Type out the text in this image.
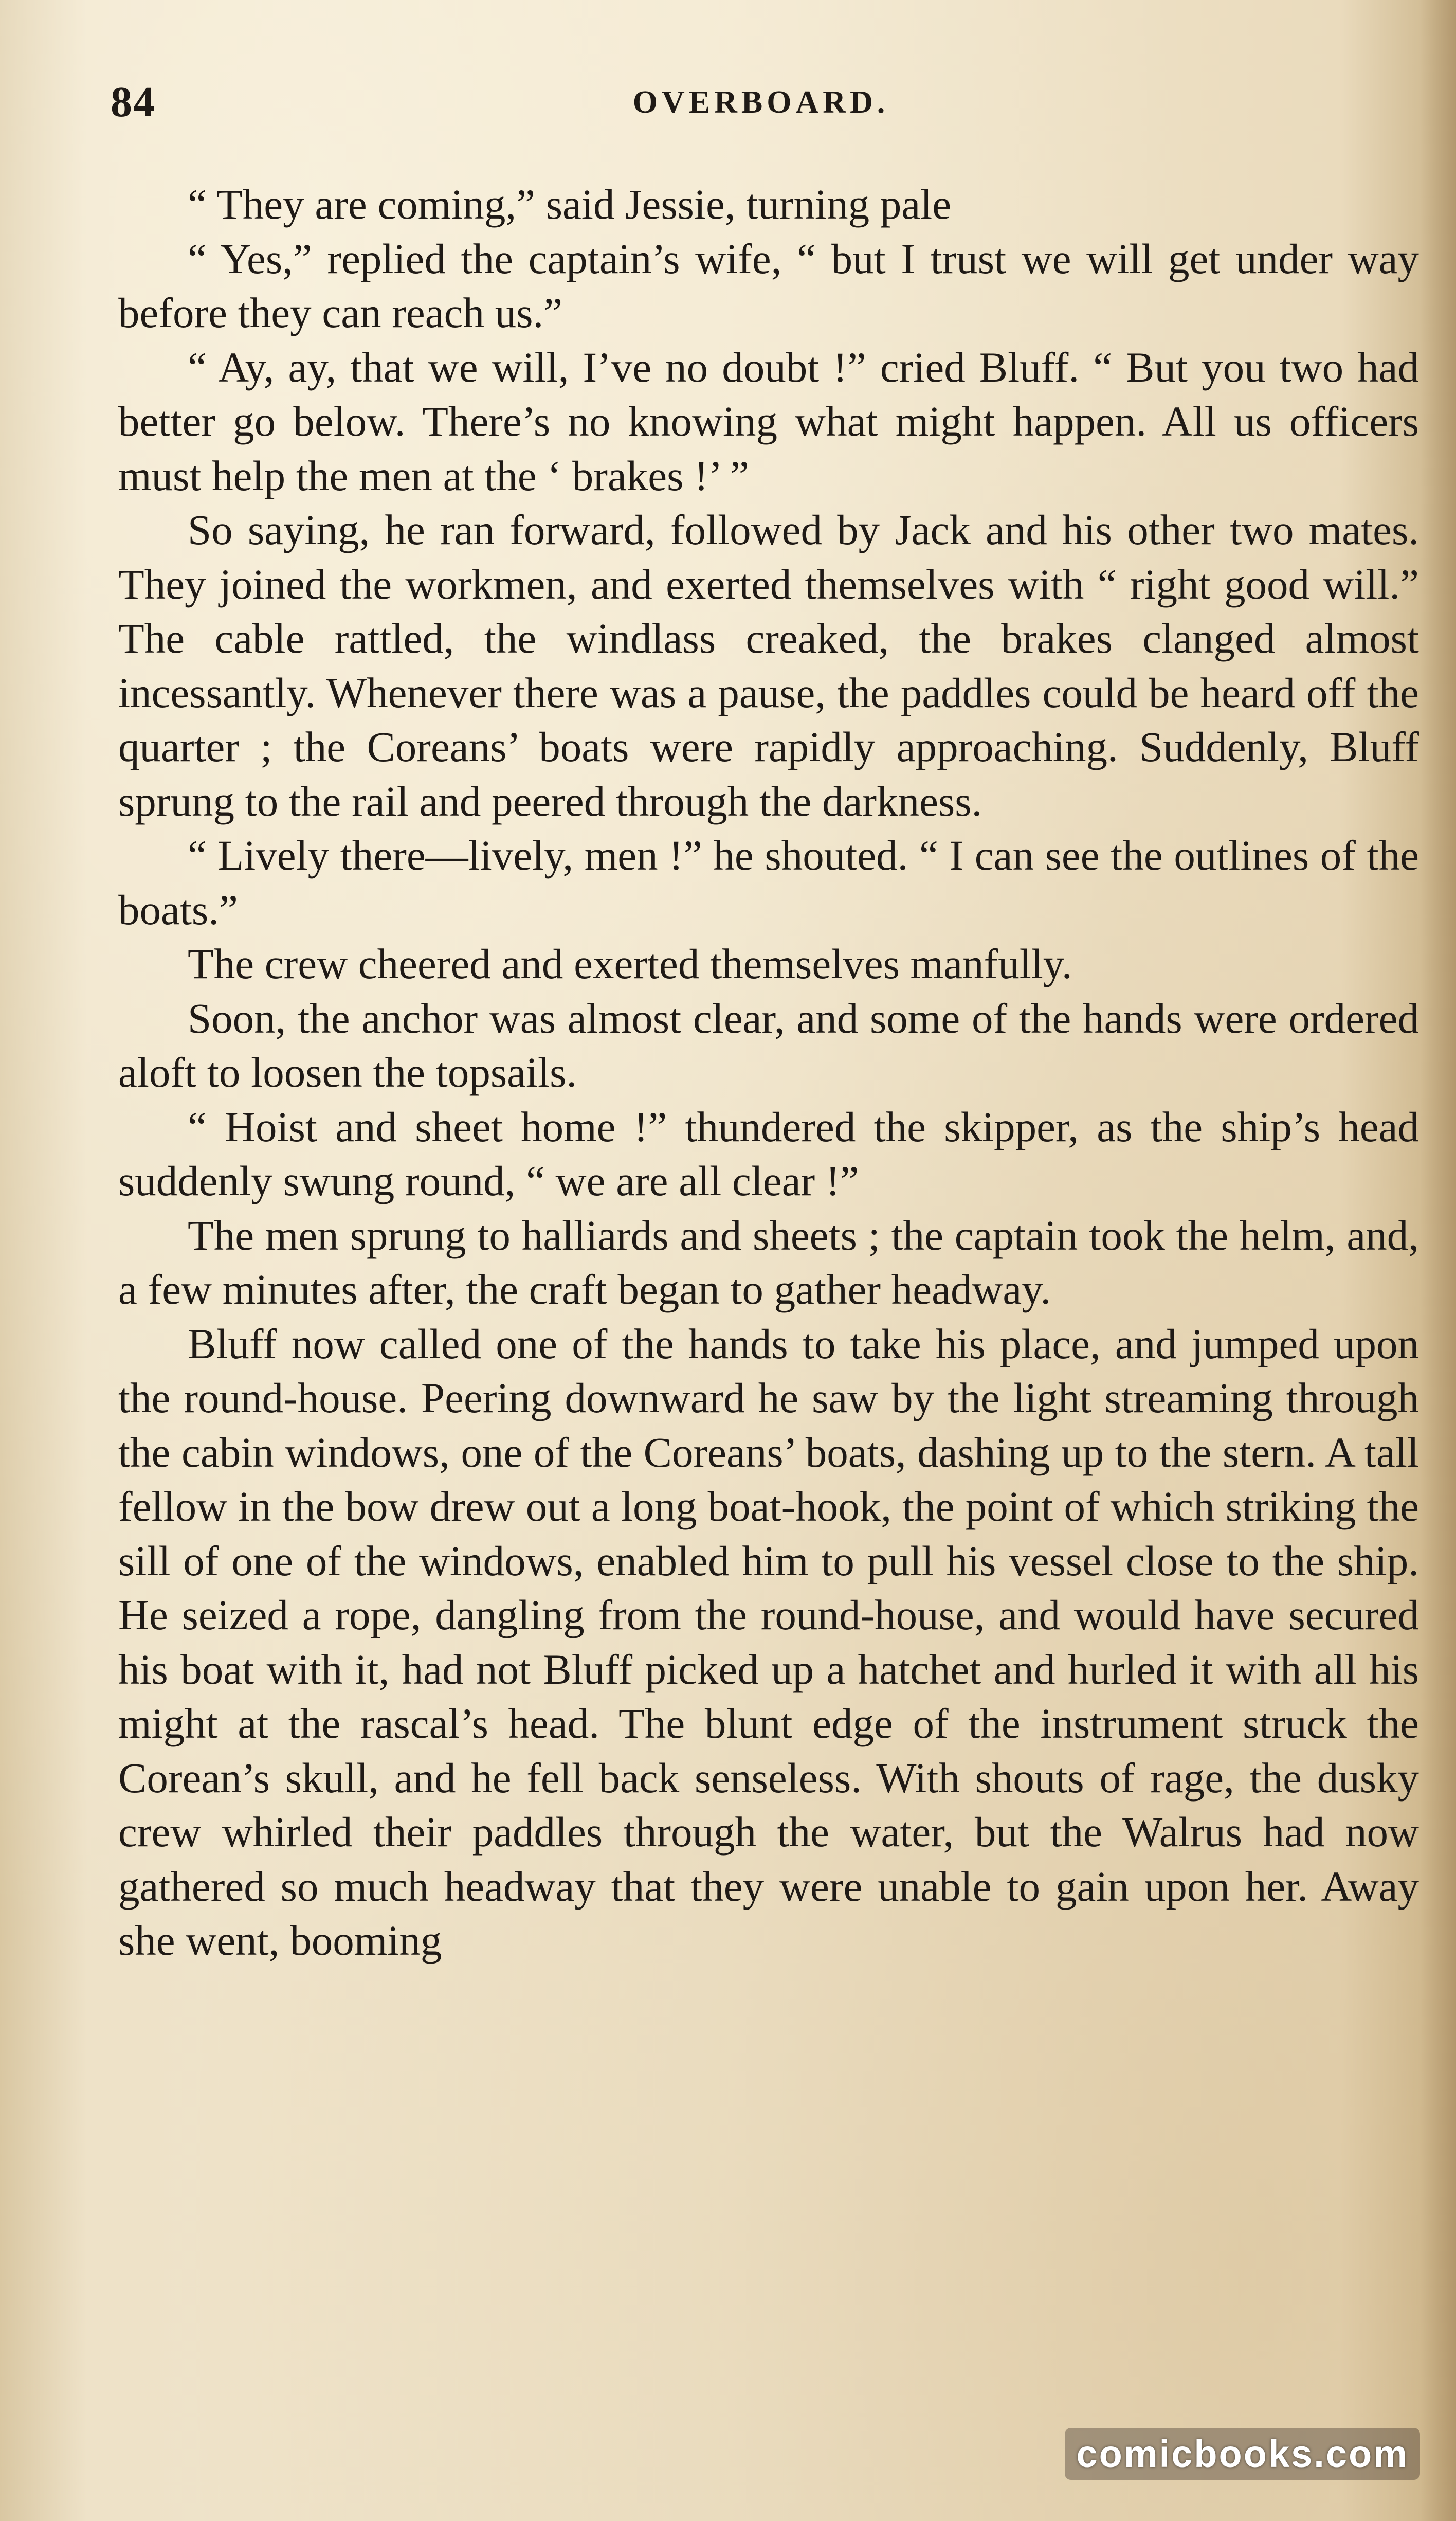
84	OVERBOARD.

“ They are coming,” said Jessie, turning pale

“ Yes,” replied the captain’s wife, “ but I trust we will get under way before they can reach us.”

“ Ay, ay, that we will, I’ve no doubt !” cried Bluff. “ But you two had better go below. There’s no knowing what might happen. All us officers must help the men at the ‘ brakes !’ ”

So saying, he ran forward, followed by Jack and his other two mates. They joined the workmen, and exerted themselves with “ right good will.” The cable rattled, the windlass creaked, the brakes clanged almost incessantly. Whenever there was a pause, the paddles could be heard off the quarter ; the Coreans’ boats were rapidly approaching. Suddenly, Bluff sprung to the rail and peered through the darkness.

“ Lively there—lively, men !” he shouted. “ I can see the outlines of the boats.”

The crew cheered and exerted themselves manfully.

Soon, the anchor was almost clear, and some of the hands were ordered aloft to loosen the topsails.

“ Hoist and sheet home !” thundered the skipper, as the ship’s head suddenly swung round, “ we are all clear !”

The men sprung to halliards and sheets ; the captain took the helm, and, a few minutes after, the craft began to gather headway.

Bluff now called one of the hands to take his place, and jumped upon the round-house. Peering downward he saw by the light streaming through the cabin windows, one of the Coreans’ boats, dashing up to the stern. A tall fellow in the bow drew out a long boat-hook, the point of which striking the sill of one of the windows, enabled him to pull his vessel close to the ship. He seized a rope, dangling from the round-house, and would have secured his boat with it, had not Bluff picked up a hatchet and hurled it with all his might at the rascal’s head. The blunt edge of the instrument struck the Corean’s skull, and he fell back senseless. With shouts of rage, the dusky crew whirled their paddles through the water, but the Walrus had now gathered so much headway that they were unable to gain upon her. Away she went, booming

comicbooks.com
